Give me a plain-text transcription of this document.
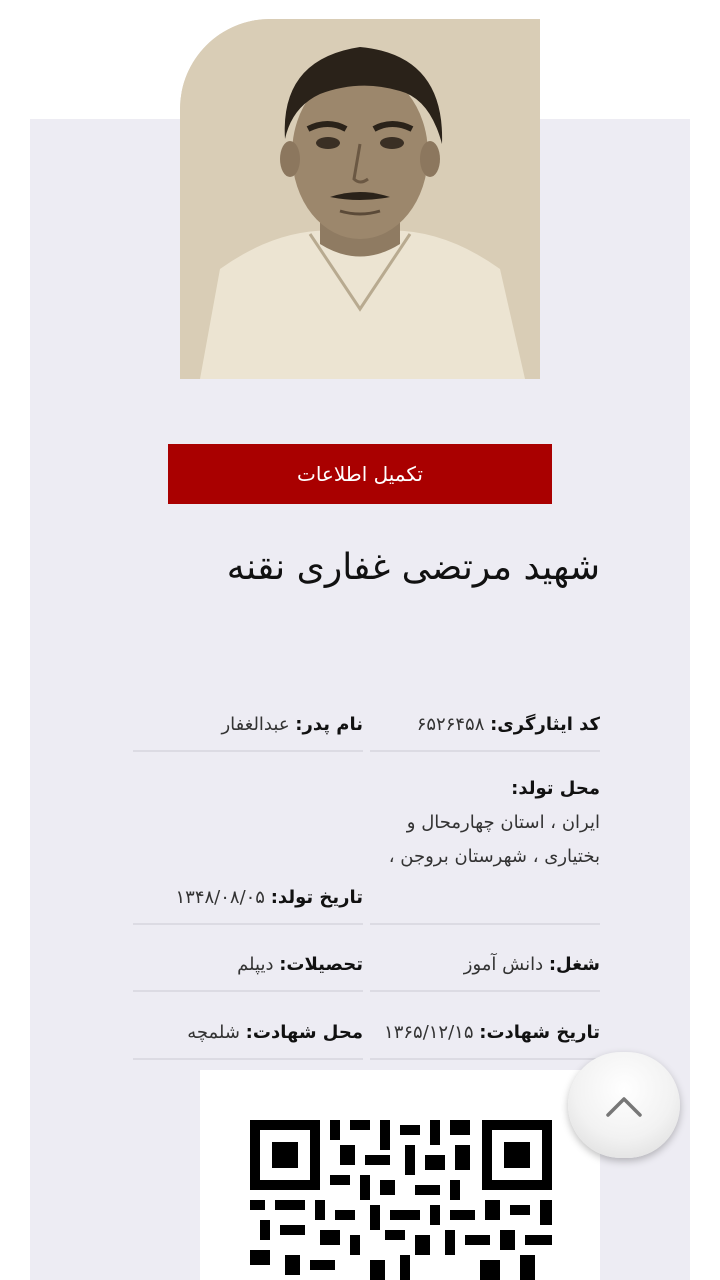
تکمیل اطلاعات
شهید مرتضی غفاری نقنه
کد ایثارگری: ۶۵۲۶۴۵۸
نام پدر: عبدالغفار
محل تولد:
ایران ، استان چهارمحال و بختیاری ، شهرستان بروجن ،
تاریخ تولد: ۱۳۴۸/۰۸/۰۵
شغل: دانش آموز
تحصیلات: دیپلم
تاریخ شهادت: ۱۳۶۵/۱۲/۱۵
محل شهادت: شلمچه
